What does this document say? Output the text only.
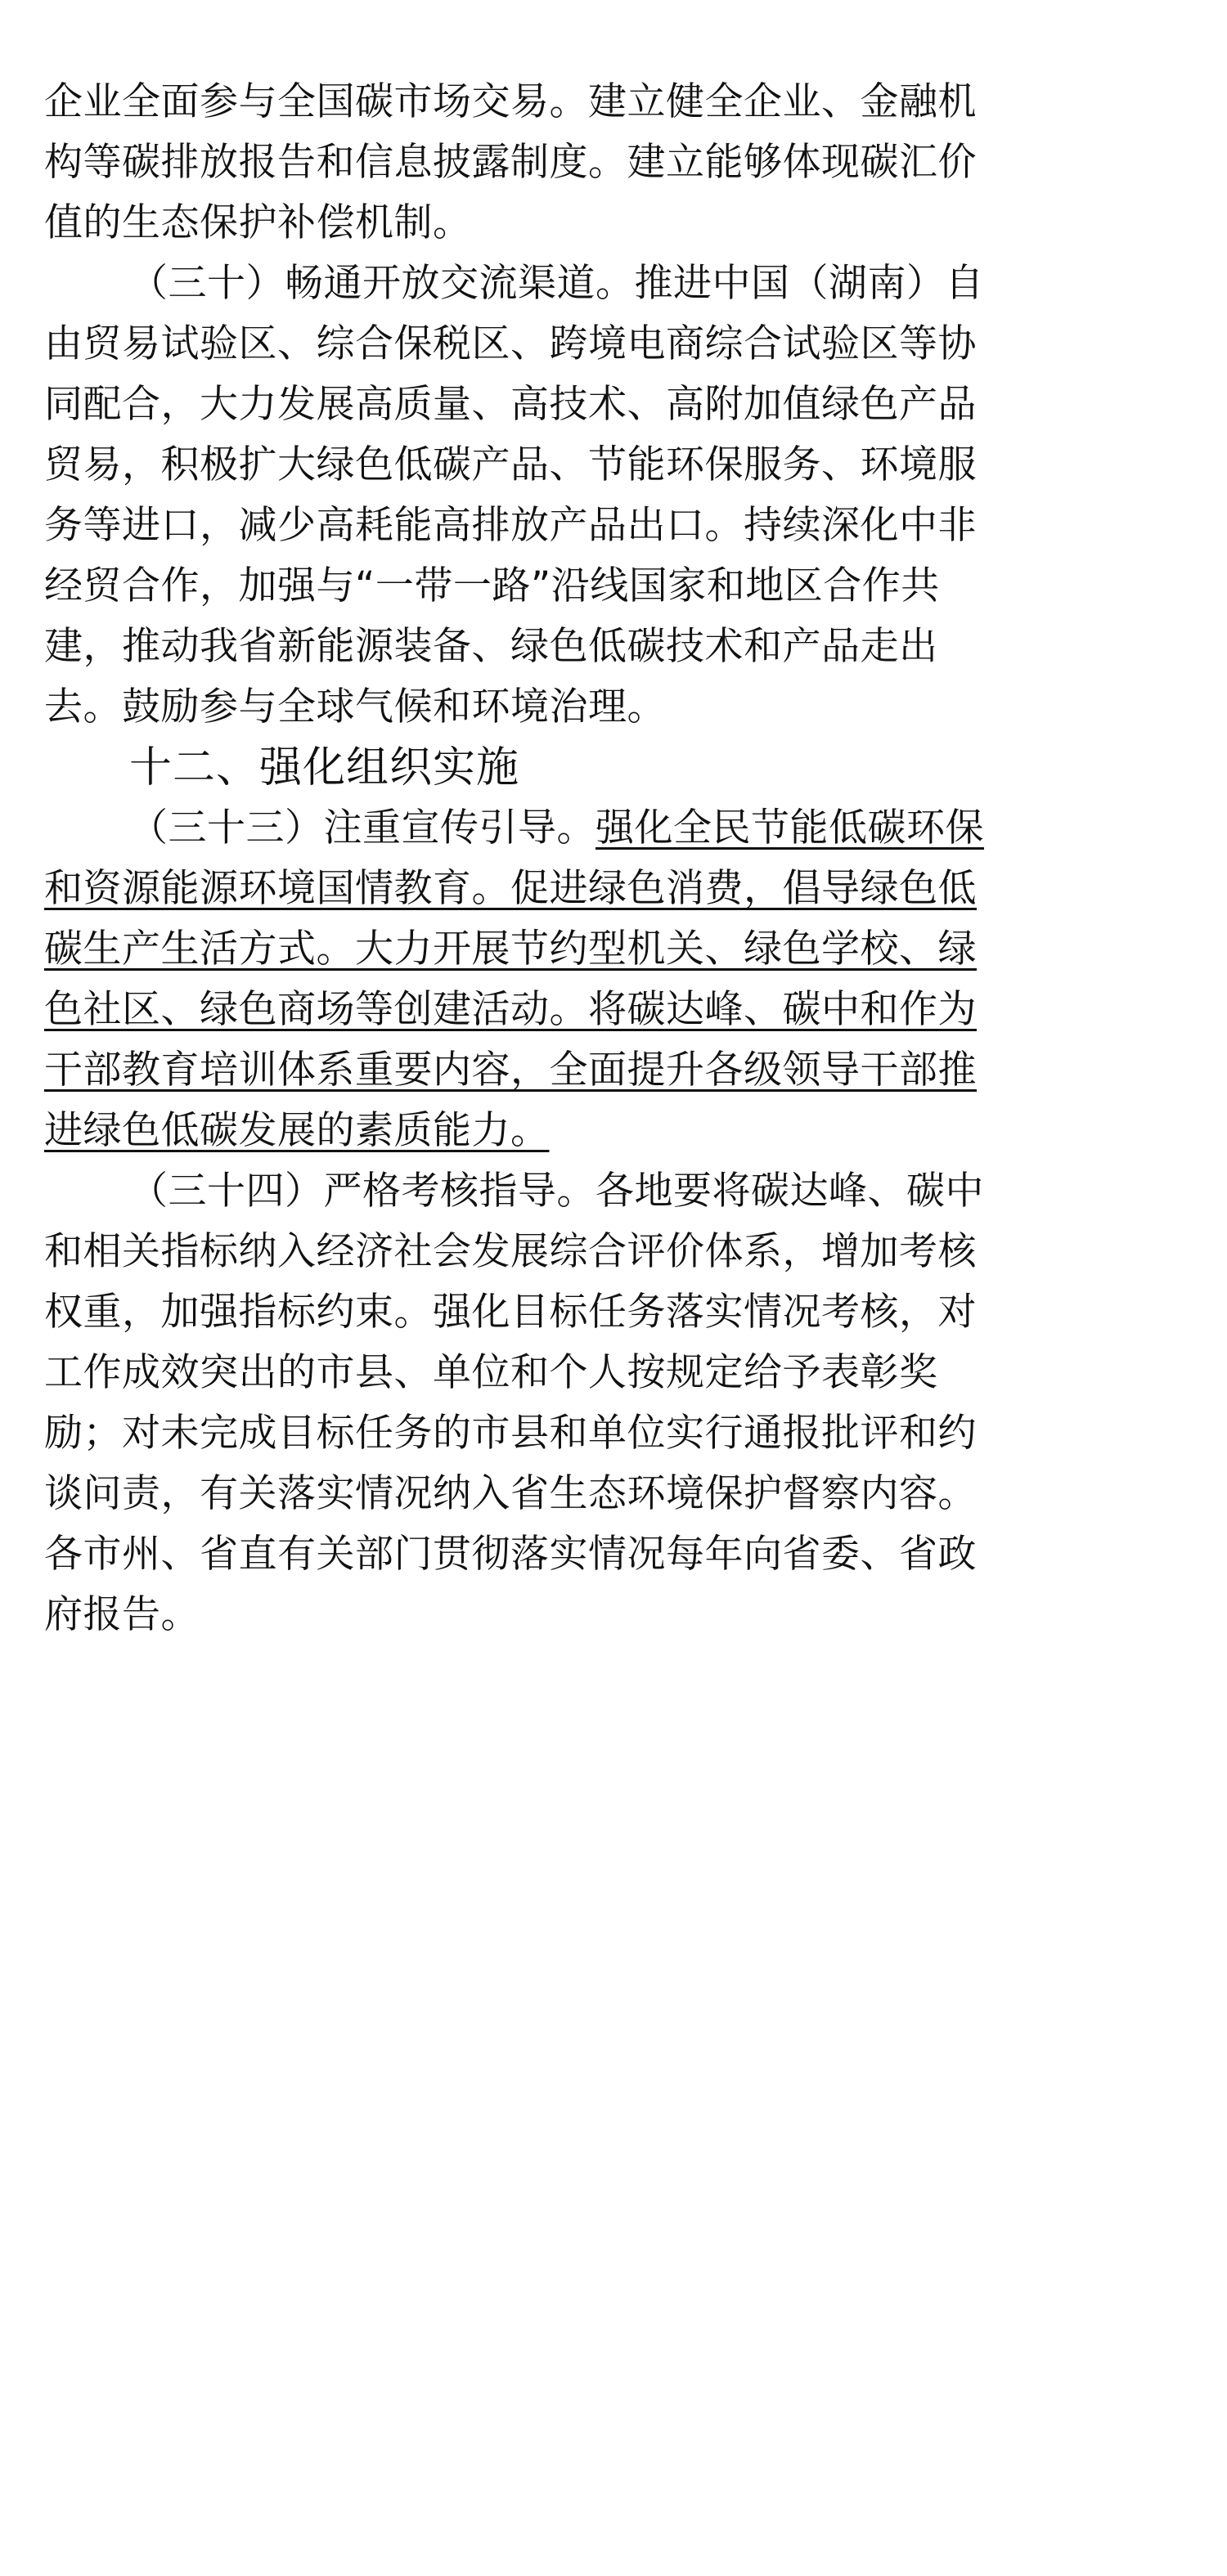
企业全面参与全国碳市场交易。建立健全企业、金融机
构等碳排放报告和信息披露制度。建立能够体现碳汇价
值的生态保护补偿机制。
（三十）畅通开放交流渠道。推进中国（湖南）自
由贸易试验区、综合保税区、跨境电商综合试验区等协
同配合，大力发展高质量、高技术、高附加值绿色产品
贸易，积极扩大绿色低碳产品、节能环保服务、环境服
务等进口，减少高耗能高排放产品出口。持续深化中非
经贸合作，加强与“一带一路”沿线国家和地区合作共
建，推动我省新能源装备、绿色低碳技术和产品走出
去。鼓励参与全球气候和环境治理。
十二、强化组织实施
（三十三）注重宣传引导。强化全民节能低碳环保
和资源能源环境国情教育。促进绿色消费，倡导绿色低
碳生产生活方式。大力开展节约型机关、绿色学校、绿
色社区、绿色商场等创建活动。将碳达峰、碳中和作为
干部教育培训体系重要内容，全面提升各级领导干部推
进绿色低碳发展的素质能力。
（三十四）严格考核指导。各地要将碳达峰、碳中
和相关指标纳入经济社会发展综合评价体系，增加考核
权重，加强指标约束。强化目标任务落实情况考核，对
工作成效突出的市县、单位和个人按规定给予表彰奖
励；对未完成目标任务的市县和单位实行通报批评和约
谈问责，有关落实情况纳入省生态环境保护督察内容。
各市州、省直有关部门贯彻落实情况每年向省委、省政
府报告。
